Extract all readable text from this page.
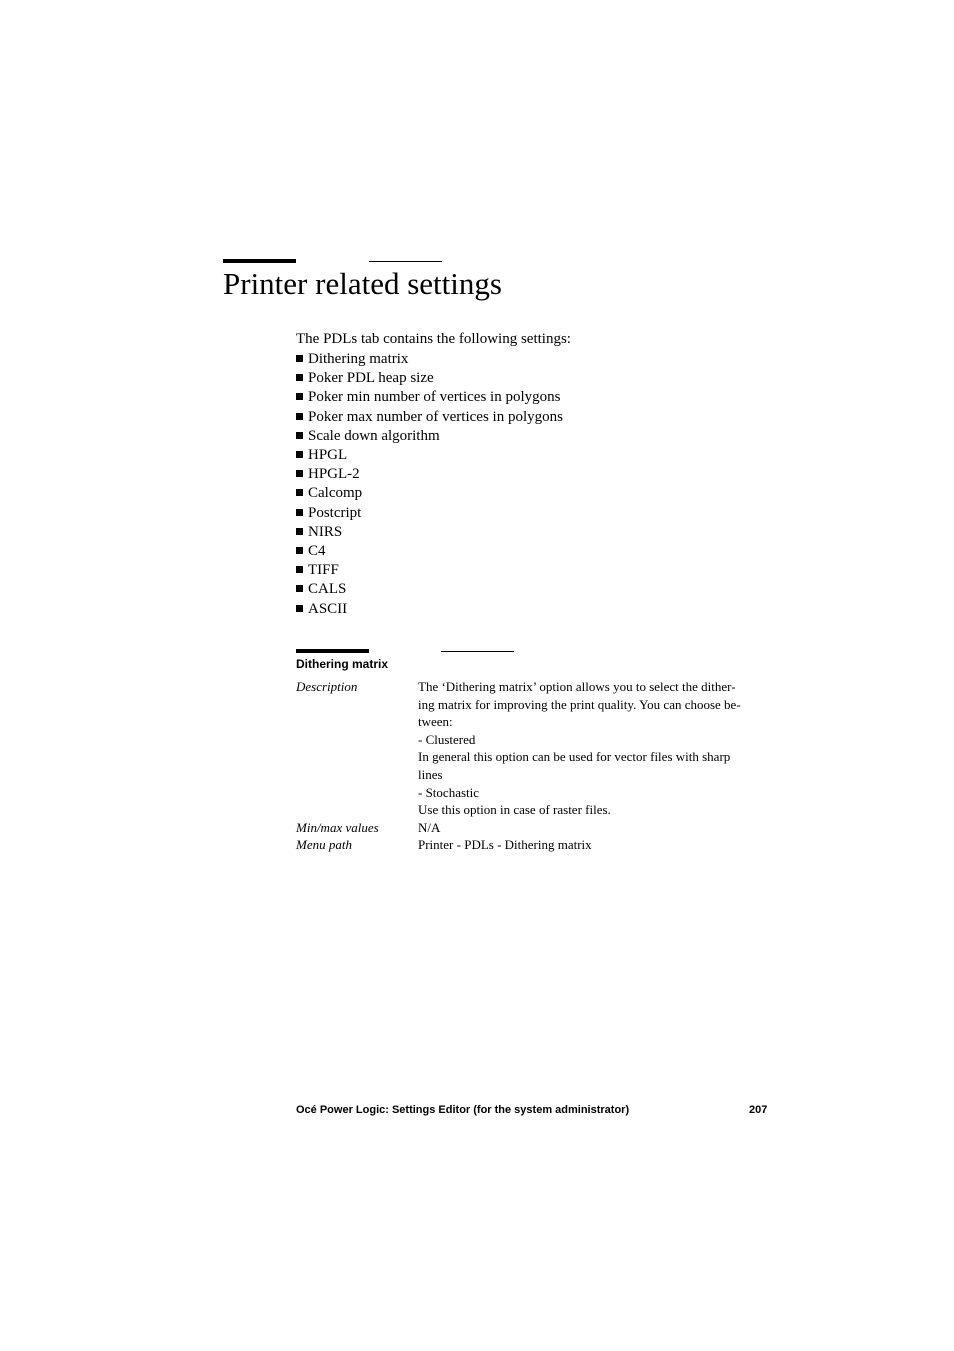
Printer related settings
The PDLs tab contains the following settings:
Dithering matrix
Poker PDL heap size
Poker min number of vertices in polygons
Poker max number of vertices in polygons
Scale down algorithm
HPGL
HPGL-2
Calcomp
Postcript
NIRS
C4
TIFF
CALS
ASCII
Dithering matrix
Description	The ‘Dithering matrix’ option allows you to select the dither-
ing matrix for improving the print quality. You can choose be-
tween:
- Clustered
In general this option can be used for vector files with sharp
lines
- Stochastic
Use this option in case of raster files.
Min/max values	N/A
Menu path	Printer - PDLs - Dithering matrix
Océ Power Logic: Settings Editor (for the system administrator)	207
